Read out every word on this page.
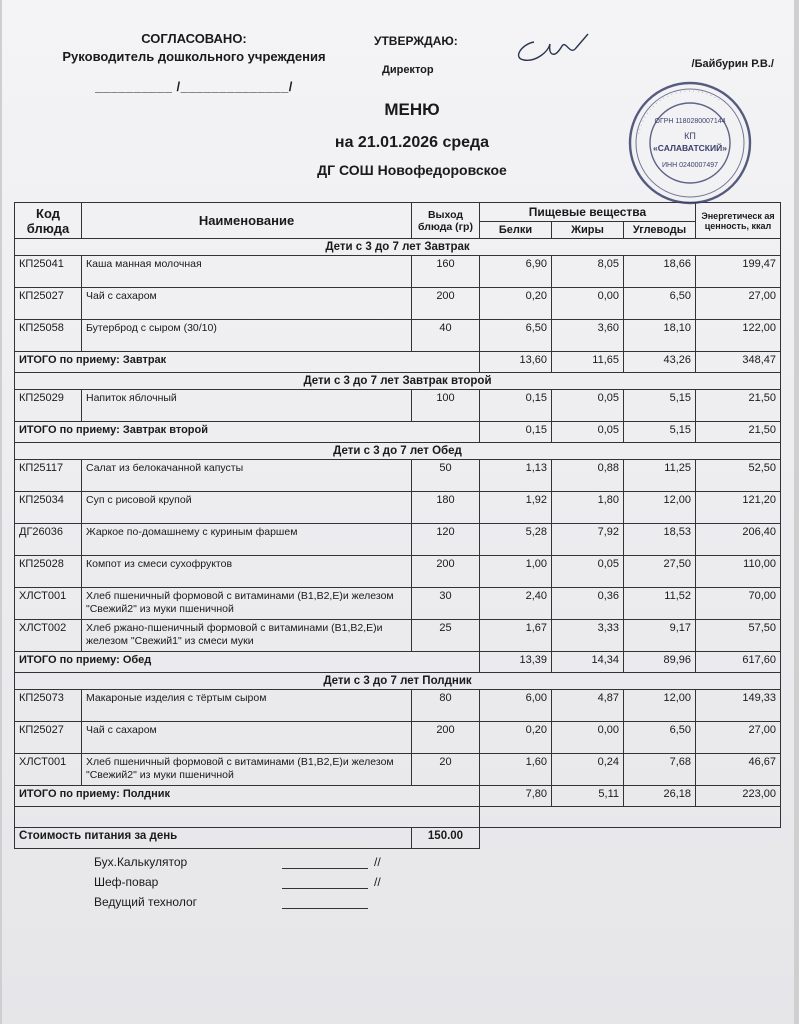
СОГЛАСОВАНО:
Руководитель дошкольного учреждения
__________ /______________/
УТВЕРЖДАЮ:
Директор	/Байбурин Р.В./
· · · · · · · · · · · · · · · · · · · · · · · ·
ОГРН 1180280007144
КП
«САЛАВАТСКИЙ»
ИНН 0240007497
МЕНЮ
на 21.01.2026 среда
ДГ СОШ Новофедоровское
Код блюда	Наименование	Выход блюда (гр)	Пищевые вещества			Энергетическ ая ценность, ккал
			Белки	Жиры	Углеводы	
Дети с 3 до 7 лет Завтрак						
КП25041	Каша манная молочная	160	6,90	8,05	18,66	199,47
КП25027	Чай с сахаром	200	0,20	0,00	6,50	27,00
КП25058	Бутерброд с сыром (30/10)	40	6,50	3,60	18,10	122,00
ИТОГО по приему: Завтрак			13,60	11,65	43,26	348,47
Дети с 3 до 7 лет Завтрак второй						
КП25029	Напиток яблочный	100	0,15	0,05	5,15	21,50
ИТОГО по приему: Завтрак второй			0,15	0,05	5,15	21,50
Дети с 3 до 7 лет Обед						
КП25117	Салат из белокачанной капусты	50	1,13	0,88	11,25	52,50
КП25034	Суп с рисовой крупой	180	1,92	1,80	12,00	121,20
ДГ26036	Жаркое по-домашнему с куриным фаршем	120	5,28	7,92	18,53	206,40
КП25028	Компот из смеси сухофруктов	200	1,00	0,05	27,50	110,00
ХЛСТ001	Хлеб пшеничный формовой с витаминами (В1,В2,Е)и железом "Свежий2" из муки пшеничной	30	2,40	0,36	11,52	70,00
ХЛСТ002	Хлеб ржано-пшеничный формовой с витаминами (В1,В2,Е)и железом "Свежий1" из смеси муки	25	1,67	3,33	9,17	57,50
ИТОГО по приему: Обед			13,39	14,34	89,96	617,60
Дети с 3 до 7 лет Полдник						
КП25073	Макароные изделия с тёртым сыром	80	6,00	4,87	12,00	149,33
КП25027	Чай с сахаром	200	0,20	0,00	6,50	27,00
ХЛСТ001	Хлеб пшеничный формовой с витаминами (В1,В2,Е)и железом "Свежий2" из муки пшеничной	20	1,60	0,24	7,68	46,67
ИТОГО по приему: Полдник			7,80	5,11	26,18	223,00

Стоимость питания за день		150.00				
Бух.Калькулятор	//
Шеф-повар	//
Ведущий технолог
